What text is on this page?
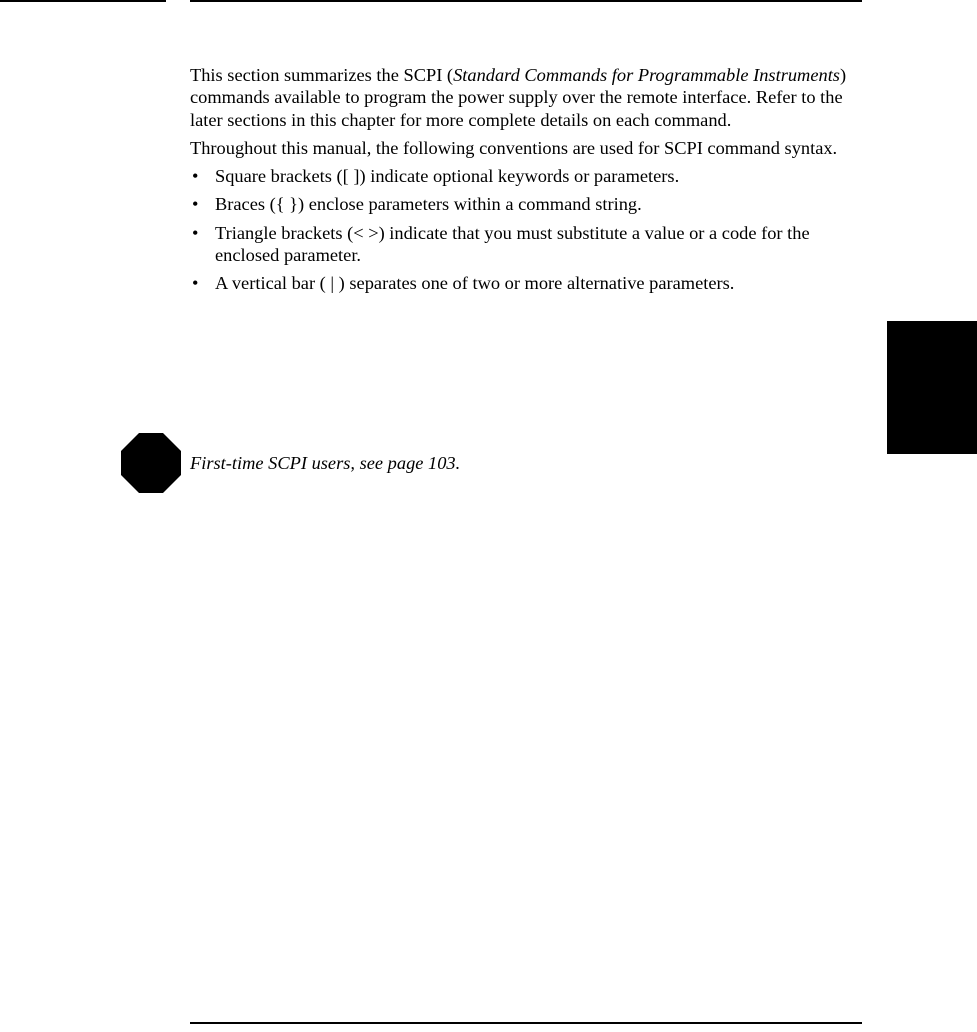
This section summarizes the SCPI (Standard Commands for Programmable Instruments) commands available to program the power supply over the remote interface. Refer to the later sections in this chapter for more complete details on each command.

Throughout this manual, the following conventions are used for SCPI command syntax.

• Square brackets ([ ]) indicate optional keywords or parameters.
• Braces ({ }) enclose parameters within a command string.
• Triangle brackets (< >) indicate that you must substitute a value or a code for the enclosed parameter.
• A vertical bar ( | ) separates one of two or more alternative parameters.
First-time SCPI users, see page 103.
